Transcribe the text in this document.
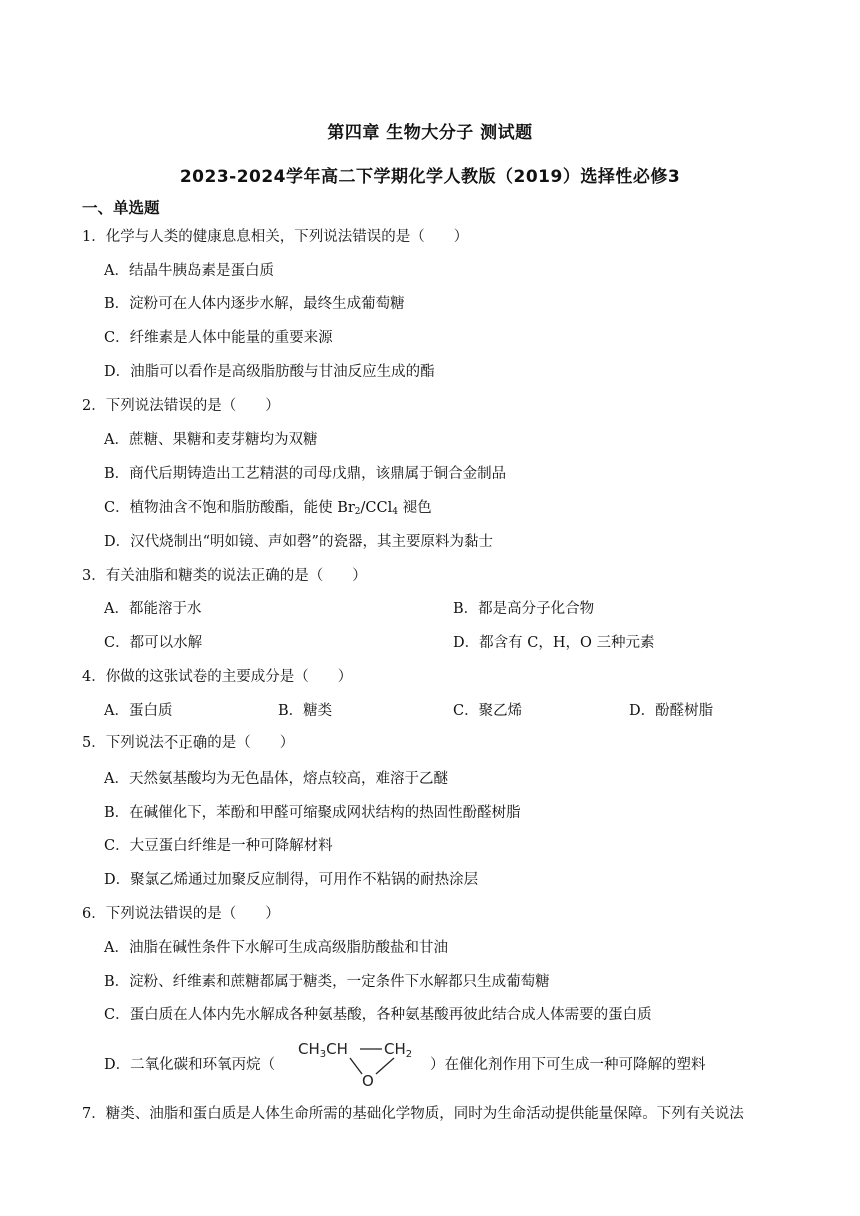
第四章 生物大分子 测试题
2023-2024学年高二下学期化学人教版（2019）选择性必修3
一、单选题
1．化学与人类的健康息息相关，下列说法错误的是（　　）
A．结晶牛胰岛素是蛋白质
B．淀粉可在人体内逐步水解，最终生成葡萄糖
C．纤维素是人体中能量的重要来源
D．油脂可以看作是高级脂肪酸与甘油反应生成的酯
2．下列说法错误的是（　　）
A．蔗糖、果糖和麦芽糖均为双糖
B．商代后期铸造出工艺精湛的司母戊鼎，该鼎属于铜合金制品
C．植物油含不饱和脂肪酸酯，能使 $Br_2/CCl_4$ 褪色
D．汉代烧制出“明如镜、声如磬”的瓷器，其主要原料为黏士
3．有关油脂和糖类的说法正确的是（　　）
A．都能溶于水	B．都是高分子化合物
C．都可以水解	D．都含有 C，H，O 三种元素
4．你做的这张试卷的主要成分是（　　）
A．蛋白质	B．糖类	C．聚乙烯	D．酚醛树脂
5．下列说法不正确的是（　　）
A．天然氨基酸均为无色晶体，熔点较高，难溶于乙醚
B．在碱催化下，苯酚和甲醛可缩聚成网状结构的热固性酚醛树脂
C．大豆蛋白纤维是一种可降解材料
D．聚氯乙烯通过加聚反应制得，可用作不粘锅的耐热涂层
6．下列说法错误的是（　　）
A．油脂在碱性条件下水解可生成高级脂肪酸盐和甘油
B．淀粉、纤维素和蔗糖都属于糖类，一定条件下水解都只生成葡萄糖
C．蛋白质在人体内先水解成各种氨基酸，各种氨基酸再彼此结合成人体需要的蛋白质
D．二氧化碳和环氧丙烷（
$CH_3CH$ $CH_2$
O
）在催化剂作用下可生成一种可降解的塑料
7．糖类、油脂和蛋白质是人体生命所需的基础化学物质，同时为生命活动提供能量保障。下列有关说法
